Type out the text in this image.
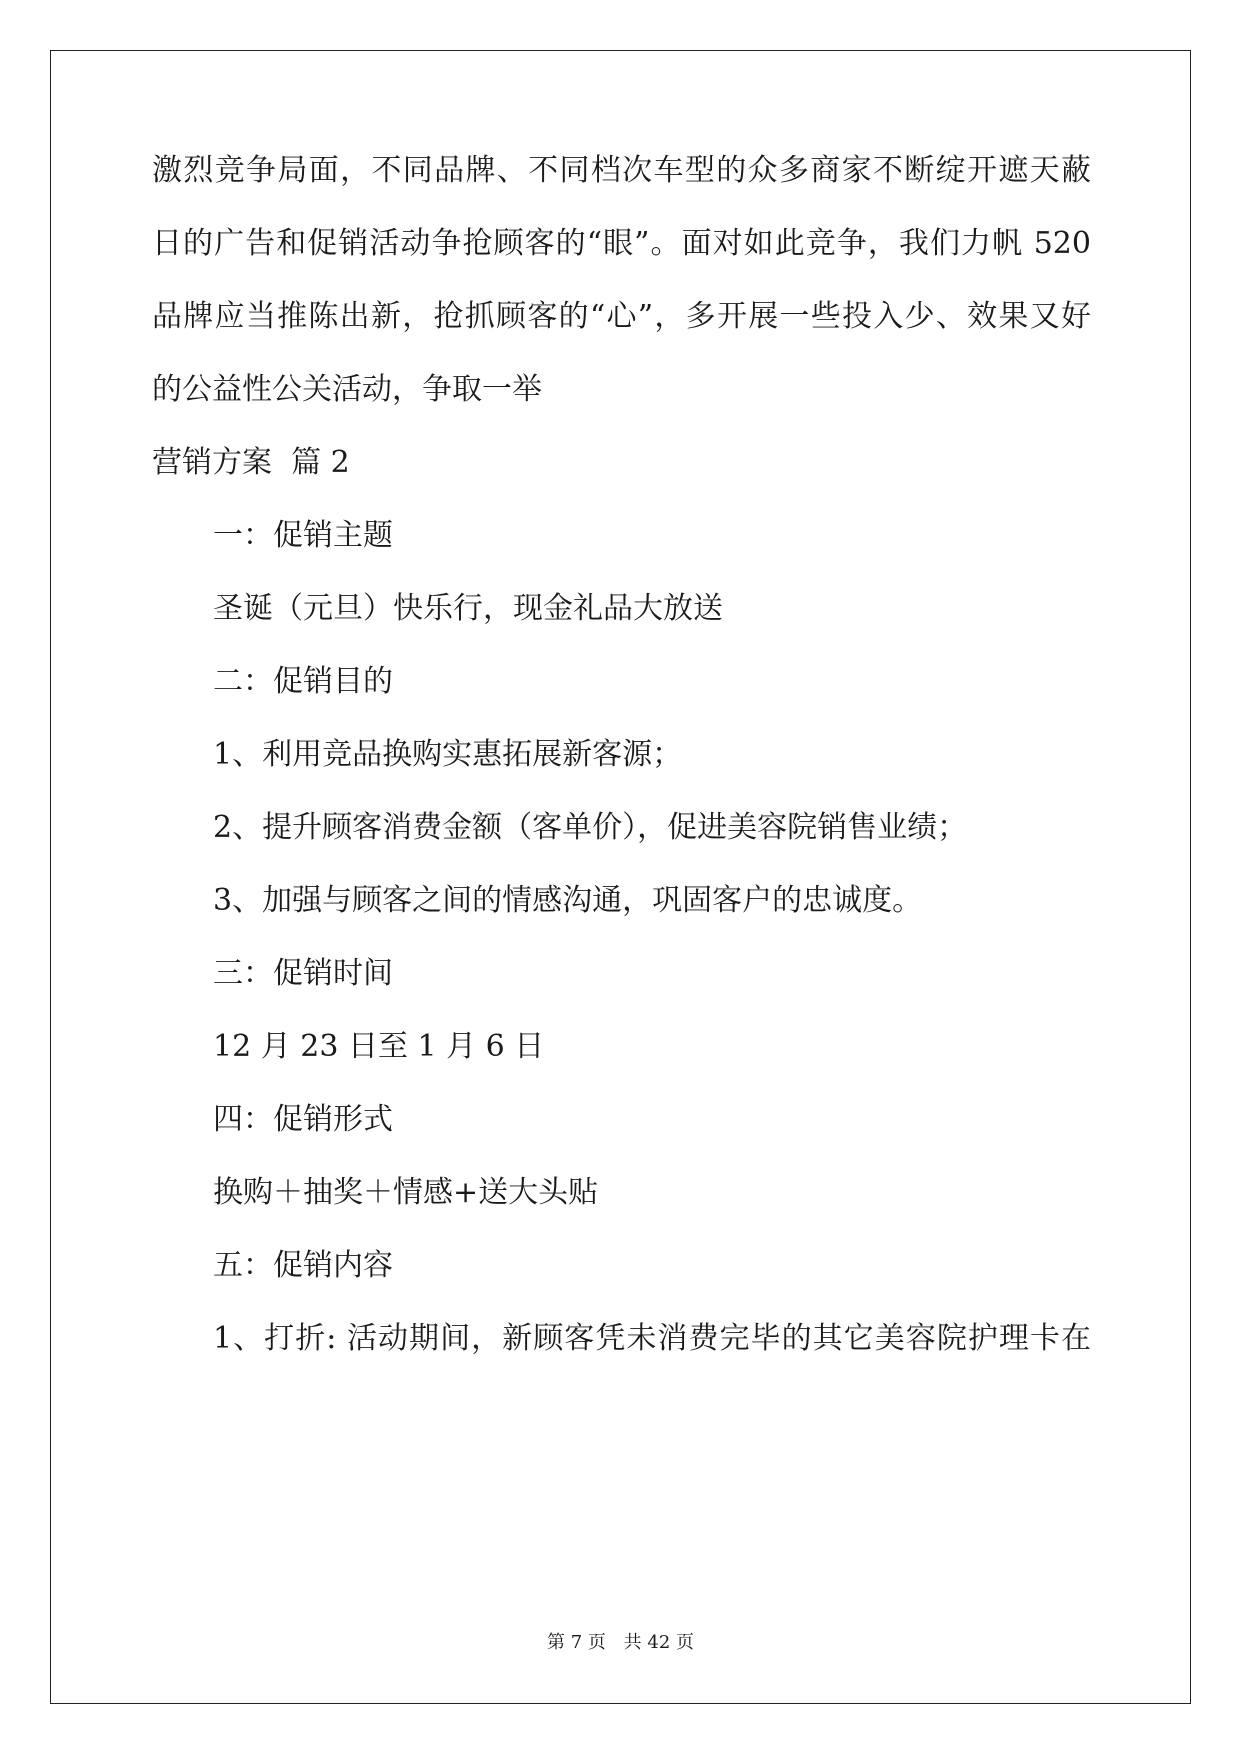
激烈竞争局面，不同品牌、不同档次车型的众多商家不断绽开遮天蔽
日的广告和促销活动争抢顾客的“眼”。面对如此竞争，我们力帆 520
品牌应当推陈出新，抢抓顾客的“心”，多开展一些投入少、效果又好
的公益性公关活动，争取一举
营销方案  篇 2
一：促销主题
圣诞（元旦）快乐行，现金礼品大放送
二：促销目的
1、利用竞品换购实惠拓展新客源；
2、提升顾客消费金额（客单价），促进美容院销售业绩；
3、加强与顾客之间的情感沟通，巩固客户的忠诚度。
三：促销时间
12 月 23 日至 1 月 6 日
四：促销形式
换购＋抽奖＋情感+送大头贴
五：促销内容
1、打折: 活动期间，新顾客凭未消费完毕的其它美容院护理卡在
第 7 页 共 42 页
